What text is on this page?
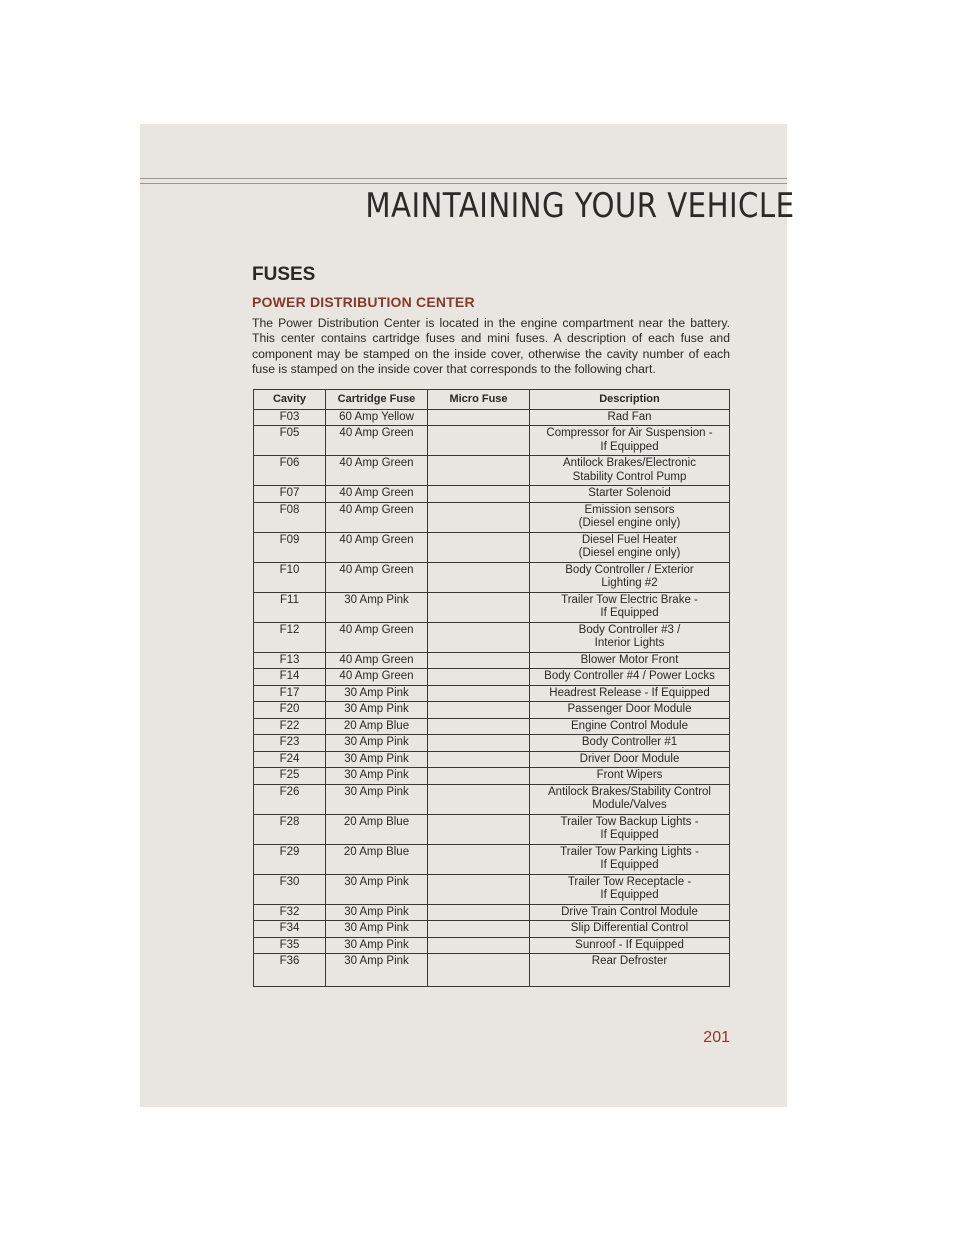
MAINTAINING YOUR VEHICLE
FUSES
POWER DISTRIBUTION CENTER
The Power Distribution Center is located in the engine compartment near the battery. This center contains cartridge fuses and mini fuses. A description of each fuse and component may be stamped on the inside cover, otherwise the cavity number of each fuse is stamped on the inside cover that corresponds to the following chart.
Cavity	Cartridge Fuse	Micro Fuse	Description
F03	60 Amp Yellow		Rad Fan
F05	40 Amp Green		Compressor for Air Suspension -
If Equipped
F06	40 Amp Green		Antilock Brakes/Electronic
Stability Control Pump
F07	40 Amp Green		Starter Solenoid
F08	40 Amp Green		Emission sensors
(Diesel engine only)
F09	40 Amp Green		Diesel Fuel Heater
(Diesel engine only)
F10	40 Amp Green		Body Controller / Exterior
Lighting #2
F11	30 Amp Pink		Trailer Tow Electric Brake -
If Equipped
F12	40 Amp Green		Body Controller #3 /
Interior Lights
F13	40 Amp Green		Blower Motor Front
F14	40 Amp Green		Body Controller #4 / Power Locks
F17	30 Amp Pink		Headrest Release - If Equipped
F20	30 Amp Pink		Passenger Door Module
F22	20 Amp Blue		Engine Control Module
F23	30 Amp Pink		Body Controller #1
F24	30 Amp Pink		Driver Door Module
F25	30 Amp Pink		Front Wipers
F26	30 Amp Pink		Antilock Brakes/Stability Control
Module/Valves
F28	20 Amp Blue		Trailer Tow Backup Lights -
If Equipped
F29	20 Amp Blue		Trailer Tow Parking Lights -
If Equipped
F30	30 Amp Pink		Trailer Tow Receptacle -
If Equipped
F32	30 Amp Pink		Drive Train Control Module
F34	30 Amp Pink		Slip Differential Control
F35	30 Amp Pink		Sunroof - If Equipped
F36	30 Amp Pink		Rear Defroster
201
